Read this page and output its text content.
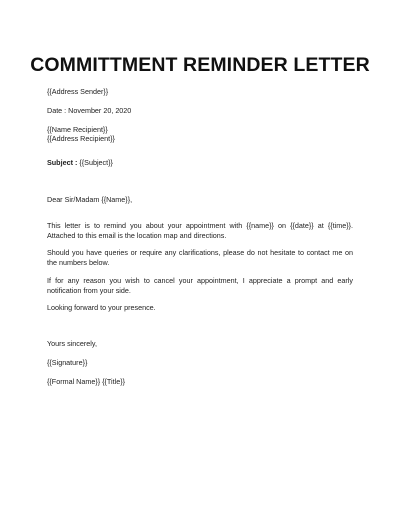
COMMITTMENT REMINDER LETTER
{{Address Sender}}
Date : November 20, 2020
{{Name Recipient}}
{{Address Recipient}}
Subject : {{Subject}}
Dear Sir/Madam {{Name}},
This letter is to remind you about your appointment with {{name}} on {{date}} at {{time}}. Attached to this email is the location map and directions.
Should you have queries or require any clarifications, please do not hesitate to contact me on the numbers below.
If for any reason you wish to cancel your appointment, I appreciate a prompt and early notification from your side.
Looking forward to your presence.
Yours sincerely,
{{Signature}}
{{Formal Name}} {{Title}}
